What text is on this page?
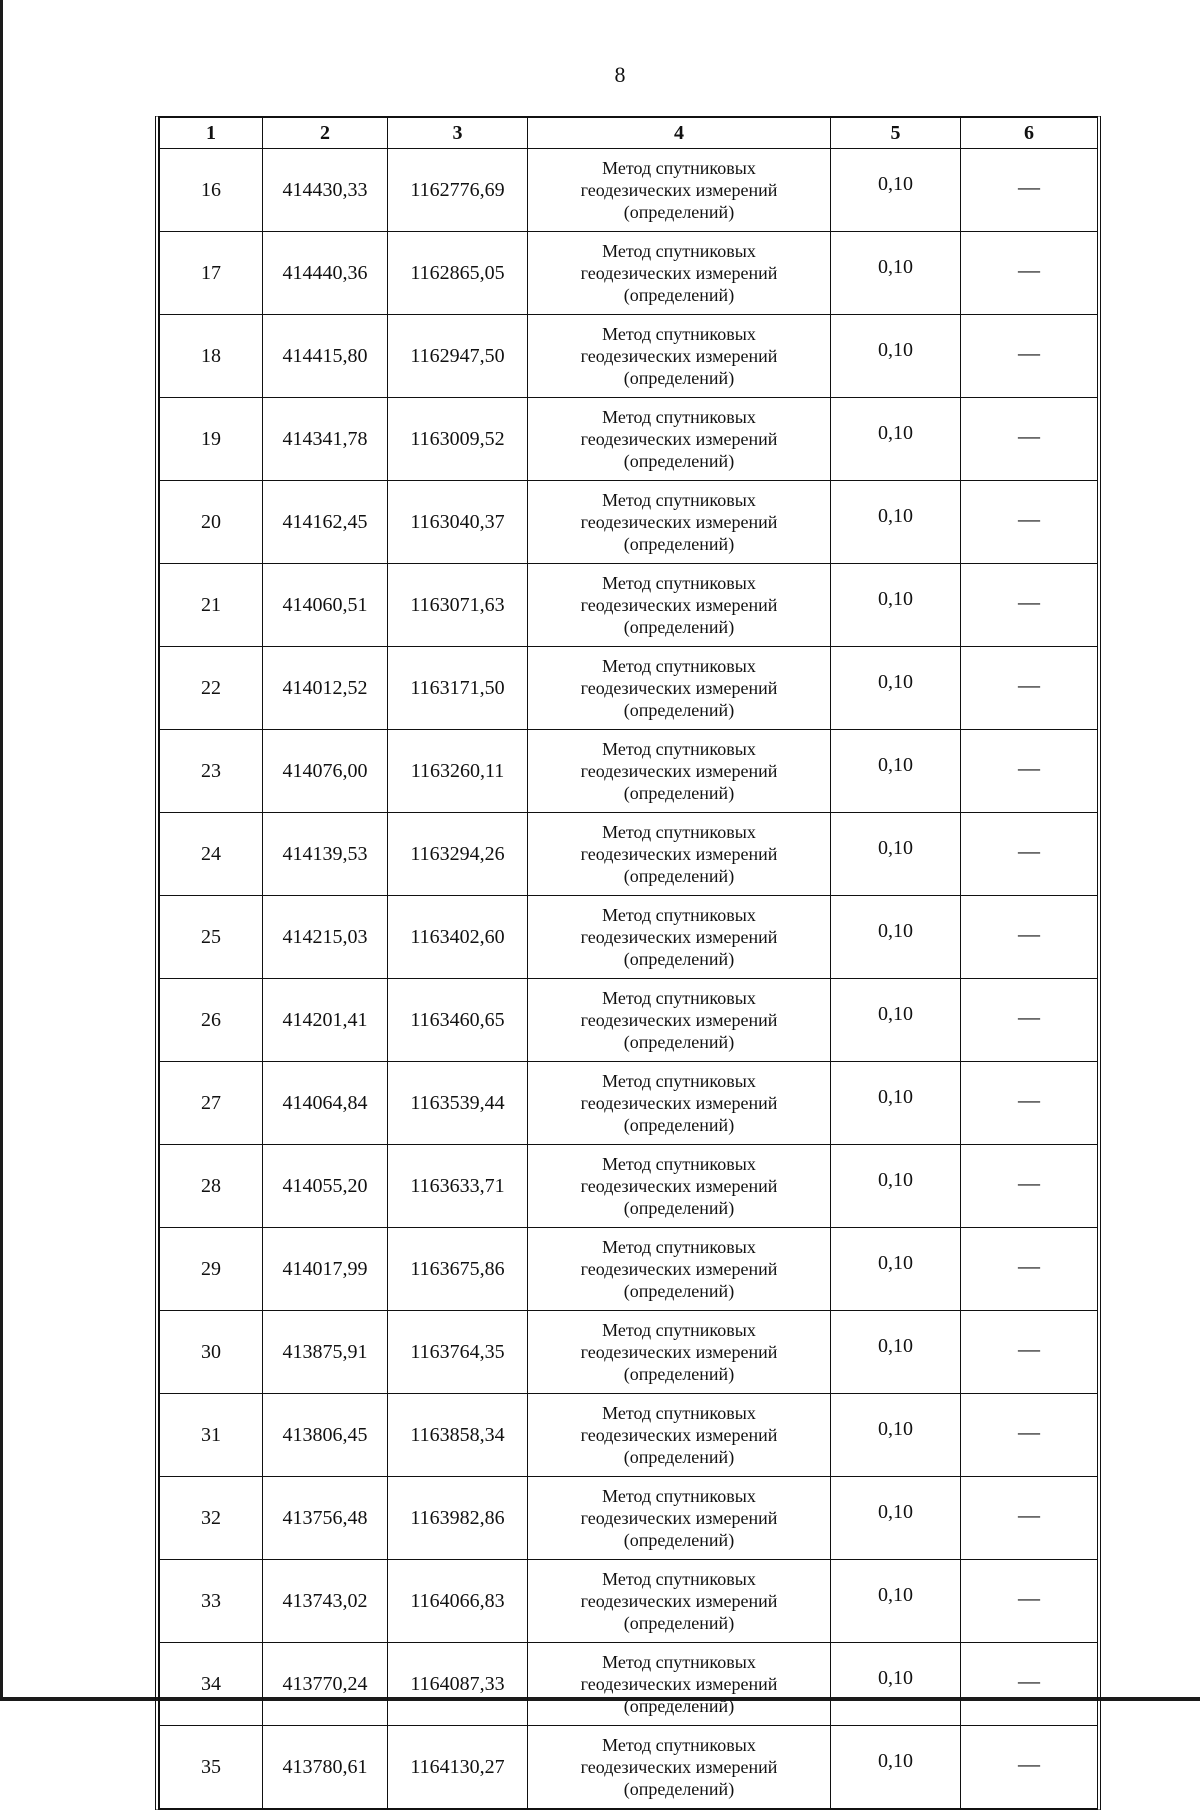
8
1	2	3	4	5	6
16	414430,33	1162776,69	Метод спутниковых
геодезических измерений
(определений)	0,10	—
17	414440,36	1162865,05	Метод спутниковых
геодезических измерений
(определений)	0,10	—
18	414415,80	1162947,50	Метод спутниковых
геодезических измерений
(определений)	0,10	—
19	414341,78	1163009,52	Метод спутниковых
геодезических измерений
(определений)	0,10	—
20	414162,45	1163040,37	Метод спутниковых
геодезических измерений
(определений)	0,10	—
21	414060,51	1163071,63	Метод спутниковых
геодезических измерений
(определений)	0,10	—
22	414012,52	1163171,50	Метод спутниковых
геодезических измерений
(определений)	0,10	—
23	414076,00	1163260,11	Метод спутниковых
геодезических измерений
(определений)	0,10	—
24	414139,53	1163294,26	Метод спутниковых
геодезических измерений
(определений)	0,10	—
25	414215,03	1163402,60	Метод спутниковых
геодезических измерений
(определений)	0,10	—
26	414201,41	1163460,65	Метод спутниковых
геодезических измерений
(определений)	0,10	—
27	414064,84	1163539,44	Метод спутниковых
геодезических измерений
(определений)	0,10	—
28	414055,20	1163633,71	Метод спутниковых
геодезических измерений
(определений)	0,10	—
29	414017,99	1163675,86	Метод спутниковых
геодезических измерений
(определений)	0,10	—
30	413875,91	1163764,35	Метод спутниковых
геодезических измерений
(определений)	0,10	—
31	413806,45	1163858,34	Метод спутниковых
геодезических измерений
(определений)	0,10	—
32	413756,48	1163982,86	Метод спутниковых
геодезических измерений
(определений)	0,10	—
33	413743,02	1164066,83	Метод спутниковых
геодезических измерений
(определений)	0,10	—
34	413770,24	1164087,33	Метод спутниковых
геодезических измерений
(определений)	0,10	—
35	413780,61	1164130,27	Метод спутниковых
геодезических измерений
(определений)	0,10	—
